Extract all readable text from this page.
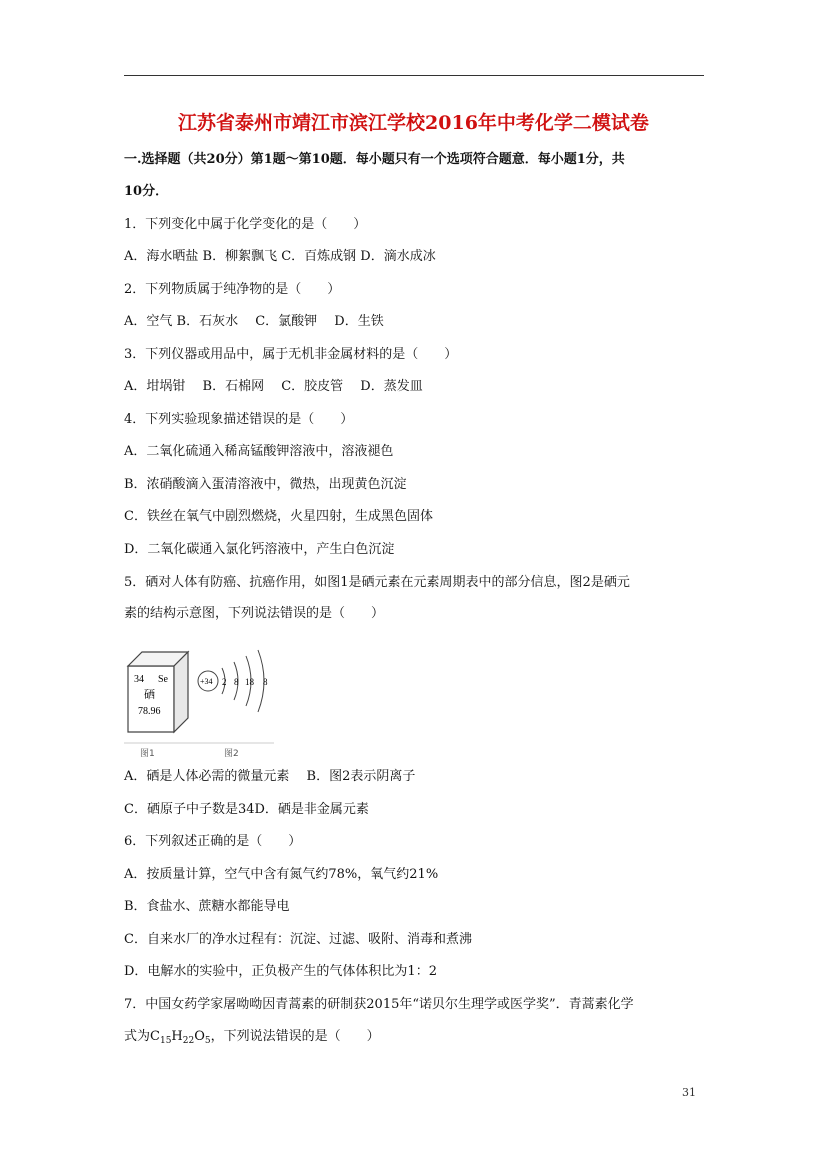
江苏省泰州市靖江市滨江学校2016年中考化学二模试卷
一.选择题（共20分）第1题～第10题．每小题只有一个选项符合题意．每小题1分，共
10分．
1．下列变化中属于化学变化的是（　　）
A．海水晒盐 B．柳絮飘飞 C．百炼成钢 D．滴水成冰
2．下列物质属于纯净物的是（　　）
A．空气 B．石灰水　 C．氯酸钾　 D．生铁
3．下列仪器或用品中，属于无机非金属材料的是（　　）
A．坩埚钳　 B．石棉网　 C．胶皮管　 D．蒸发皿
4．下列实验现象描述错误的是（　　）
A．二氧化硫通入稀高锰酸钾溶液中，溶液褪色
B．浓硝酸滴入蛋清溶液中，微热，出现黄色沉淀
C．铁丝在氧气中剧烈燃烧，火星四射，生成黑色固体
D．二氧化碳通入氯化钙溶液中，产生白色沉淀
5．硒对人体有防癌、抗癌作用，如图1是硒元素在元素周期表中的部分信息，图2是硒元
素的结构示意图，下列说法错误的是（　　）
34 Se
硒
78.96
+34 2 8 18 8
图1	图2
A．硒是人体必需的微量元素　 B．图2表示阴离子
C．硒原子中子数是34D．硒是非金属元素
6．下列叙述正确的是（　　）
A．按质量计算，空气中含有氮气约78%，氧气约21%
B．食盐水、蔗糖水都能导电
C．自来水厂的净水过程有：沉淀、过滤、吸附、消毒和煮沸
D．电解水的实验中，正负极产生的气体体积比为1：2
7．中国女药学家屠呦呦因青蒿素的研制获2015年“诺贝尔生理学或医学奖”．青蒿素化学
式为$C_{15}H_{22}O_5$，下列说法错误的是（　　）
31
